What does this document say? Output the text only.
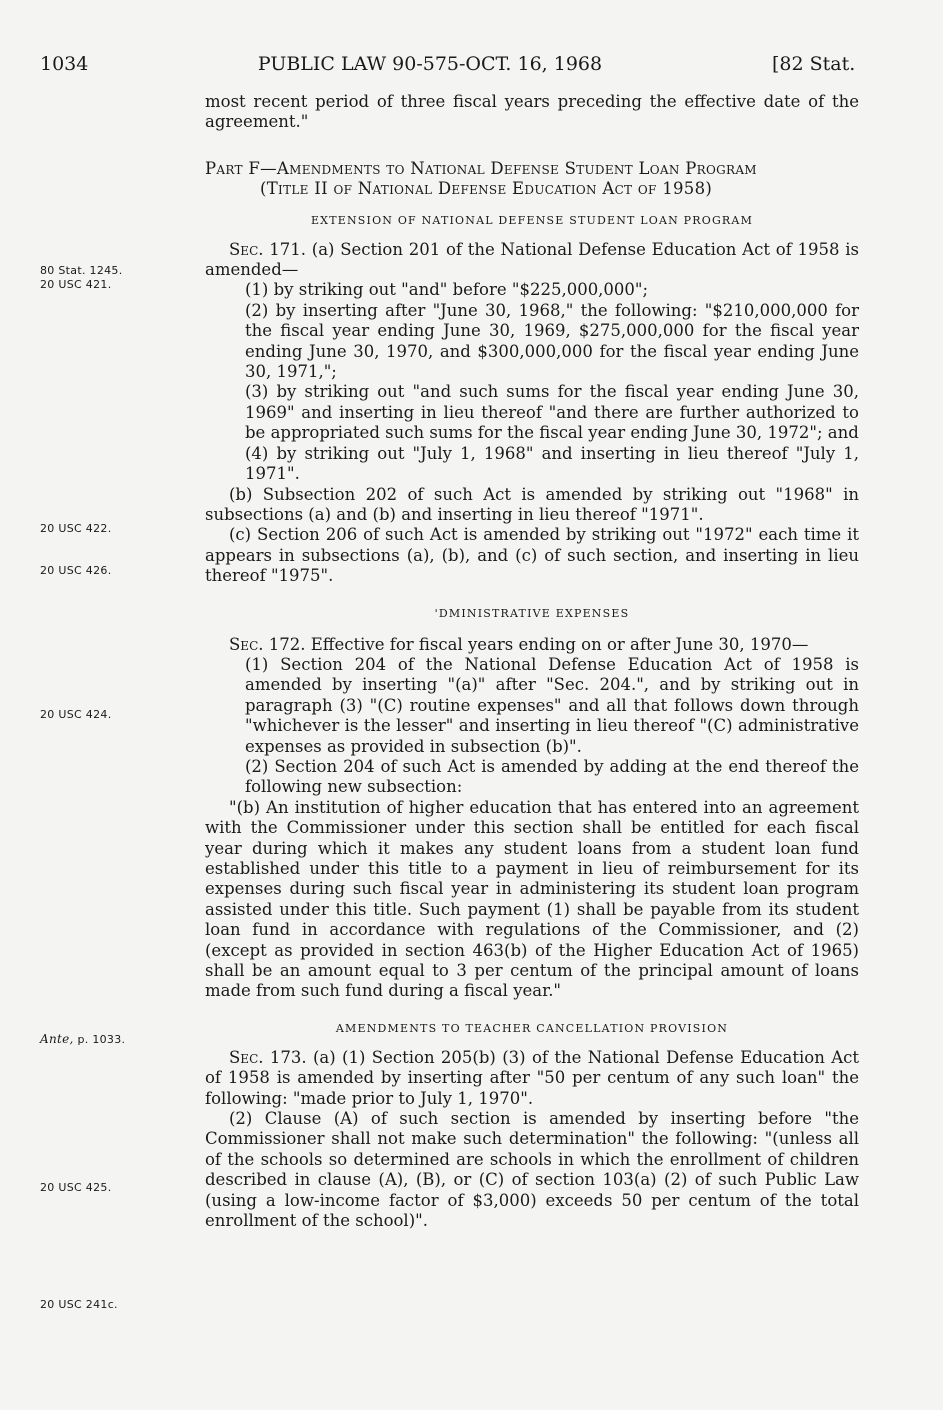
1034	PUBLIC LAW 90-575-OCT. 16, 1968	[82 Stat.
80 Stat. 1245.
20 USC 421.
20 USC 422.
20 USC 426.
20 USC 424.
Ante, p. 1033.
20 USC 425.
20 USC 241c.

most recent period of three fiscal years preceding the effective date of the agreement."

Part F—Amendments to National Defense Student Loan Program
(Title II of National Defense Education Act of 1958)

EXTENSION OF NATIONAL DEFENSE STUDENT LOAN PROGRAM

Sec. 171. (a) Section 201 of the National Defense Education Act of 1958 is amended—

(1) by striking out "and" before "$225,000,000";

(2) by inserting after "June 30, 1968," the following: "$210,000,000 for the fiscal year ending June 30, 1969, $275,000,000 for the fiscal year ending June 30, 1970, and $300,000,000 for the fiscal year ending June 30, 1971,";

(3) by striking out "and such sums for the fiscal year ending June 30, 1969" and inserting in lieu thereof "and there are further authorized to be appropriated such sums for the fiscal year ending June 30, 1972"; and

(4) by striking out "July 1, 1968" and inserting in lieu thereof "July 1, 1971".

(b) Subsection 202 of such Act is amended by striking out "1968" in subsections (a) and (b) and inserting in lieu thereof "1971".

(c) Section 206 of such Act is amended by striking out "1972" each time it appears in subsections (a), (b), and (c) of such section, and inserting in lieu thereof "1975".

'DMINISTRATIVE EXPENSES

Sec. 172. Effective for fiscal years ending on or after June 30, 1970—

(1) Section 204 of the National Defense Education Act of 1958 is amended by inserting "(a)" after "Sec. 204.", and by striking out in paragraph (3) "(C) routine expenses" and all that follows down through "whichever is the lesser" and inserting in lieu thereof "(C) administrative expenses as provided in subsection (b)".

(2) Section 204 of such Act is amended by adding at the end thereof the following new subsection:

"(b) An institution of higher education that has entered into an agreement with the Commissioner under this section shall be entitled for each fiscal year during which it makes any student loans from a student loan fund established under this title to a payment in lieu of reimbursement for its expenses during such fiscal year in administering its student loan program assisted under this title. Such payment (1) shall be payable from its student loan fund in accordance with regulations of the Commissioner, and (2) (except as provided in section 463(b) of the Higher Education Act of 1965) shall be an amount equal to 3 per centum of the principal amount of loans made from such fund during a fiscal year."

AMENDMENTS TO TEACHER CANCELLATION PROVISION

Sec. 173. (a) (1) Section 205(b) (3) of the National Defense Education Act of 1958 is amended by inserting after "50 per centum of any such loan" the following: "made prior to July 1, 1970".

(2) Clause (A) of such section is amended by inserting before "the Commissioner shall not make such determination" the following: "(unless all of the schools so determined are schools in which the enrollment of children described in clause (A), (B), or (C) of section 103(a) (2) of such Public Law (using a low-income factor of $3,000) exceeds 50 per centum of the total enrollment of the school)".
